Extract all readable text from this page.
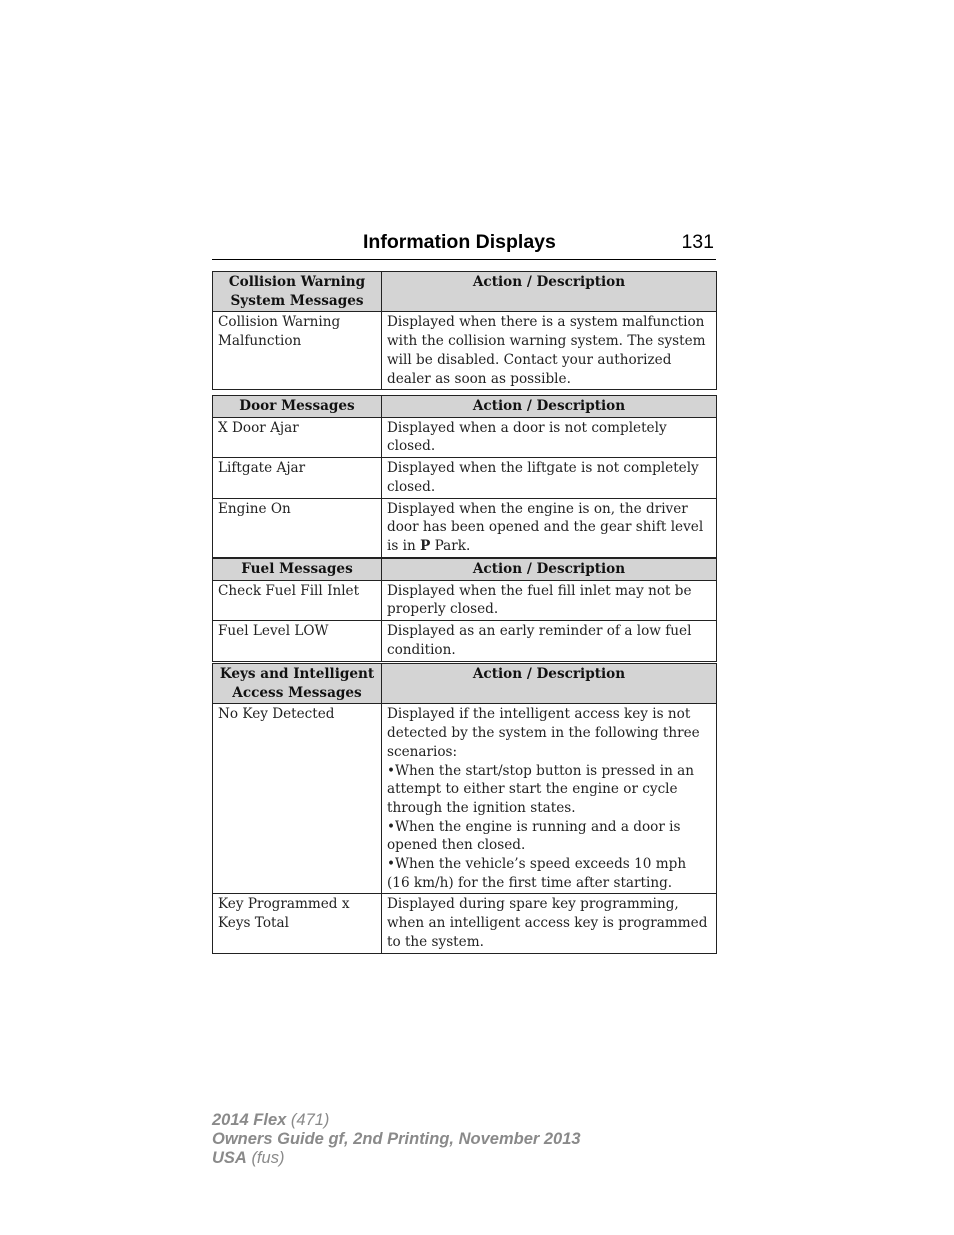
Information Displays	131
Collision Warning System Messages	Action / Description
Collision Warning Malfunction	Displayed when there is a system malfunction with the collision warning system. The system will be disabled. Contact your authorized dealer as soon as possible.
Door Messages	Action / Description
X Door Ajar	Displayed when a door is not completely closed.
Liftgate Ajar	Displayed when the liftgate is not completely closed.
Engine On	Displayed when the engine is on, the driver door has been opened and the gear shift level is in P Park.
Fuel Messages	Action / Description
Check Fuel Fill Inlet	Displayed when the fuel fill inlet may not be properly closed.
Fuel Level LOW	Displayed as an early reminder of a low fuel condition.
Keys and Intelligent Access Messages	Action / Description
No Key Detected	Displayed if the intelligent access key is not detected by the system in the following three scenarios:
•When the start/stop button is pressed in an attempt to either start the engine or cycle through the ignition states.
•When the engine is running and a door is opened then closed.
•When the vehicle’s speed exceeds 10 mph (16 km/h) for the first time after starting.

Key Programmed x Keys Total	Displayed during spare key programming, when an intelligent access key is programmed to the system.
2014 Flex (471)
Owners Guide gf, 2nd Printing, November 2013
USA (fus)
